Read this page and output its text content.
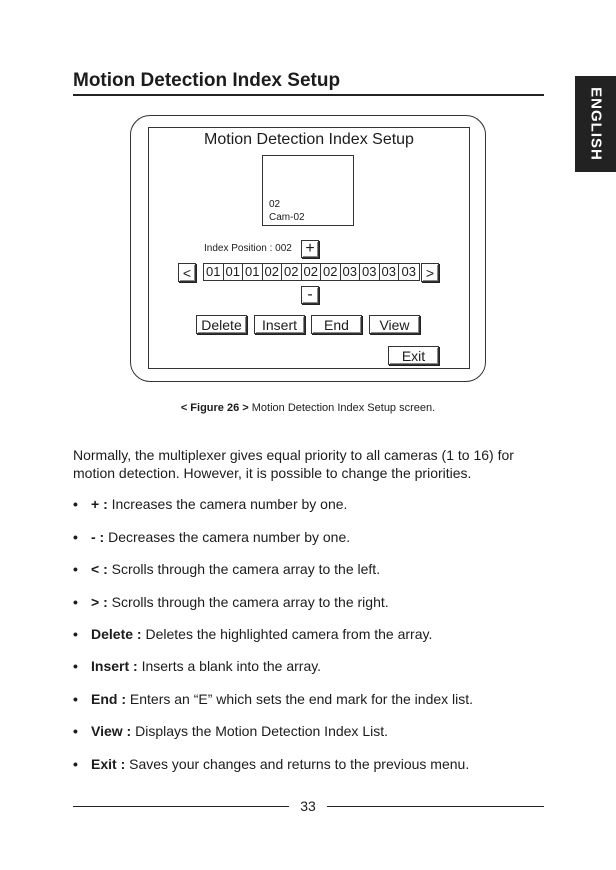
Motion Detection Index Setup
ENGLISH
Motion Detection Index Setup
02
Cam-02
Index Position : 002 +
<	01 01 01 02 02 02 02 03 03 03 03 >
-
Delete	Insert	End	View
Exit
< Figure 26 > Motion Detection Index Setup screen.
Normally, the multiplexer gives equal priority to all cameras (1 to 16) for motion detection. However, it is possible to change the priorities.
• + : Increases the camera number by one.
• - : Decreases the camera number by one.
• < : Scrolls through the camera array to the left.
• > : Scrolls through the camera array to the right.
• Delete : Deletes the highlighted camera from the array.
• Insert : Inserts a blank into the array.
• End : Enters an “E” which sets the end mark for the index list.
• View : Displays the Motion Detection Index List.
• Exit : Saves your changes and returns to the previous menu.
33
